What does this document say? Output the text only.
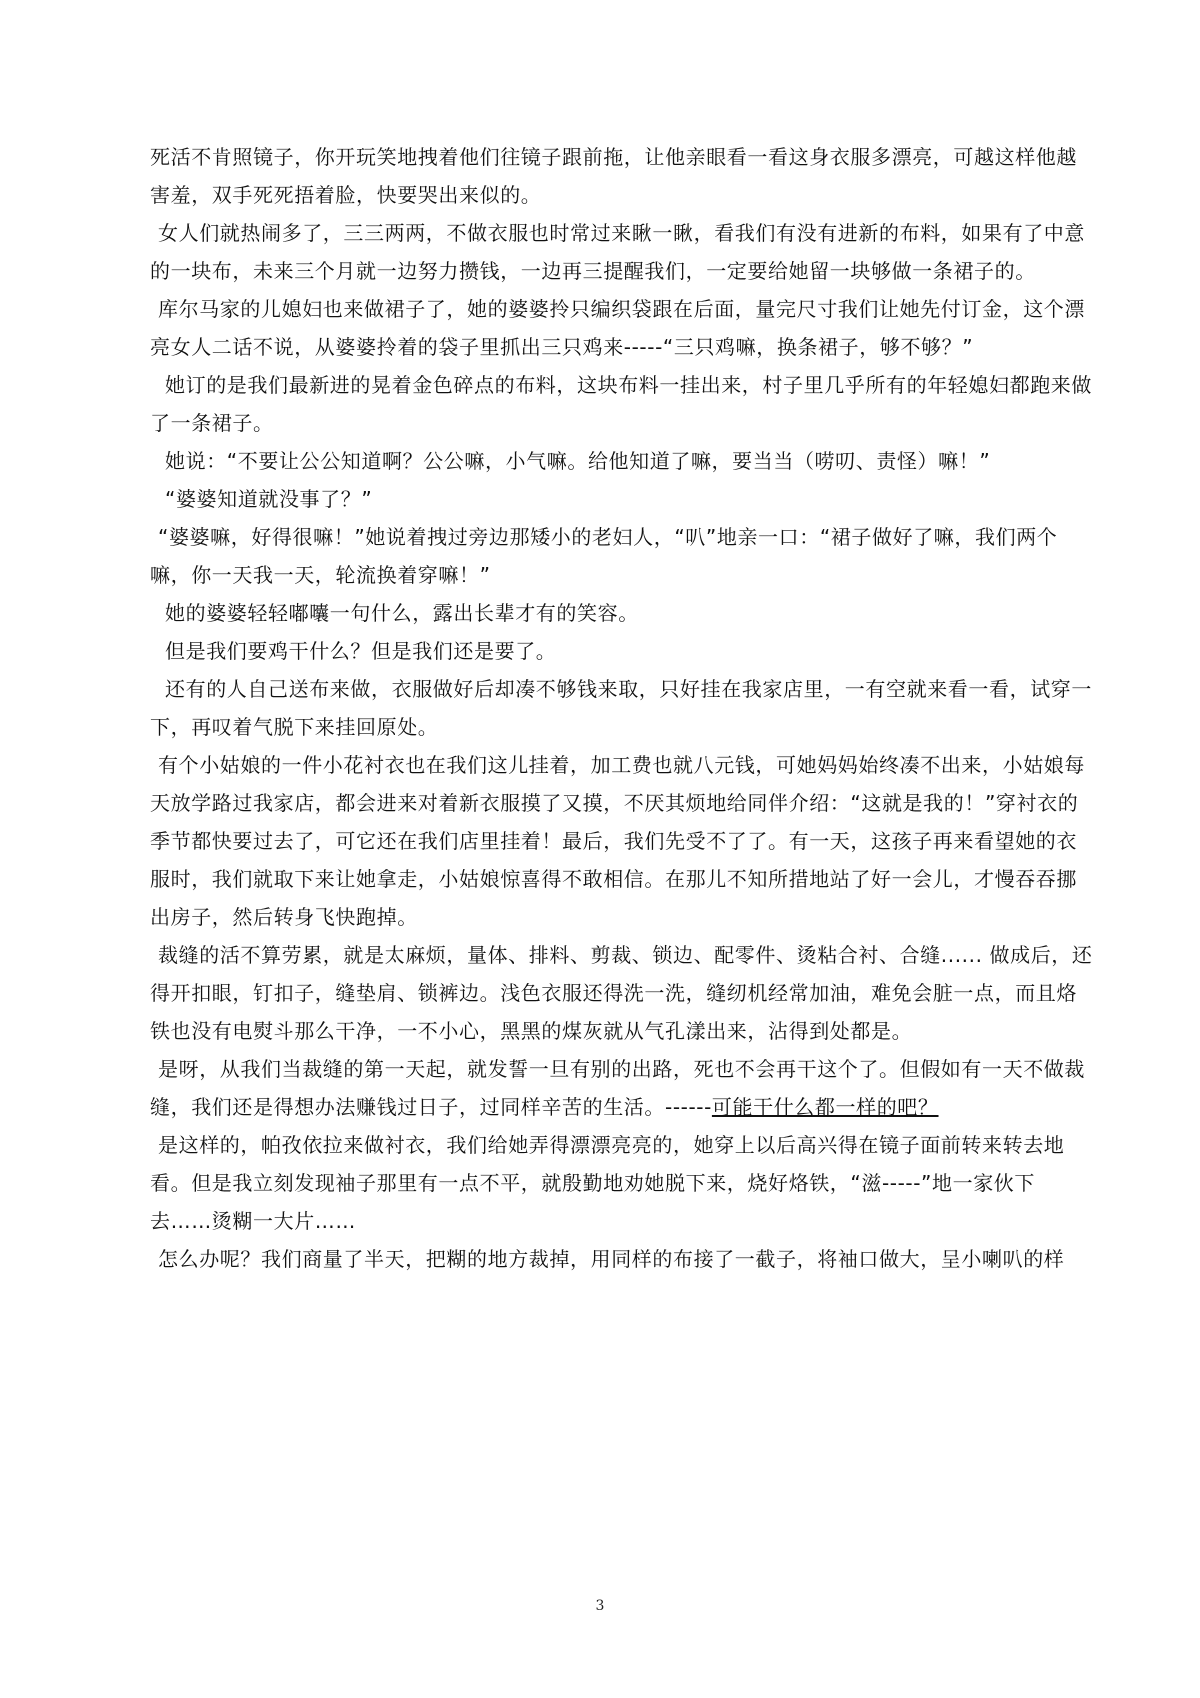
死活不肯照镜子，你开玩笑地拽着他们往镜子跟前拖，让他亲眼看一看这身衣服多漂亮，可越这样他越害羞，双手死死捂着脸，快要哭出来似的。

女人们就热闹多了，三三两两，不做衣服也时常过来瞅一瞅，看我们有没有进新的布料，如果有了中意的一块布，未来三个月就一边努力攒钱，一边再三提醒我们，一定要给她留一块够做一条裙子的。

库尔马家的儿媳妇也来做裙子了，她的婆婆拎只编织袋跟在后面，量完尺寸我们让她先付订金，这个漂亮女人二话不说，从婆婆拎着的袋子里抓出三只鸡来-----“三只鸡嘛，换条裙子，够不够？”

她订的是我们最新进的晃着金色碎点的布料，这块布料一挂出来，村子里几乎所有的年轻媳妇都跑来做了一条裙子。

她说：“不要让公公知道啊？公公嘛，小气嘛。给他知道了嘛，要当当（唠叨、责怪）嘛！”

“婆婆知道就没事了？”

“婆婆嘛，好得很嘛！”她说着拽过旁边那矮小的老妇人，“叭”地亲一口：“裙子做好了嘛，我们两个嘛，你一天我一天，轮流换着穿嘛！”

她的婆婆轻轻嘟囔一句什么，露出长辈才有的笑容。

但是我们要鸡干什么？但是我们还是要了。

还有的人自己送布来做，衣服做好后却凑不够钱来取，只好挂在我家店里，一有空就来看一看，试穿一下，再叹着气脱下来挂回原处。

有个小姑娘的一件小花衬衣也在我们这儿挂着，加工费也就八元钱，可她妈妈始终凑不出来，小姑娘每天放学路过我家店，都会进来对着新衣服摸了又摸，不厌其烦地给同伴介绍：“这就是我的！”穿衬衣的季节都快要过去了，可它还在我们店里挂着！最后，我们先受不了了。有一天，这孩子再来看望她的衣服时，我们就取下来让她拿走，小姑娘惊喜得不敢相信。在那儿不知所措地站了好一会儿，才慢吞吞挪出房子，然后转身飞快跑掉。

裁缝的活不算劳累，就是太麻烦，量体、排料、剪裁、锁边、配零件、烫粘合衬、合缝...... 做成后，还得开扣眼，钉扣子，缝垫肩、锁裤边。浅色衣服还得洗一洗，缝纫机经常加油，难免会脏一点，而且烙铁也没有电熨斗那么干净，一不小心，黑黑的煤灰就从气孔漾出来，沾得到处都是。

是呀，从我们当裁缝的第一天起，就发誓一旦有别的出路，死也不会再干这个了。但假如有一天不做裁缝，我们还是得想办法赚钱过日子，过同样辛苦的生活。------可能干什么都一样的吧？

是这样的，帕孜依拉来做衬衣，我们给她弄得漂漂亮亮的，她穿上以后高兴得在镜子面前转来转去地看。但是我立刻发现袖子那里有一点不平，就殷勤地劝她脱下来，烧好烙铁，“滋-----”地一家伙下去……烫糊一大片……

怎么办呢？我们商量了半天，把糊的地方裁掉，用同样的布接了一截子，将袖口做大，呈小喇叭的样

3
